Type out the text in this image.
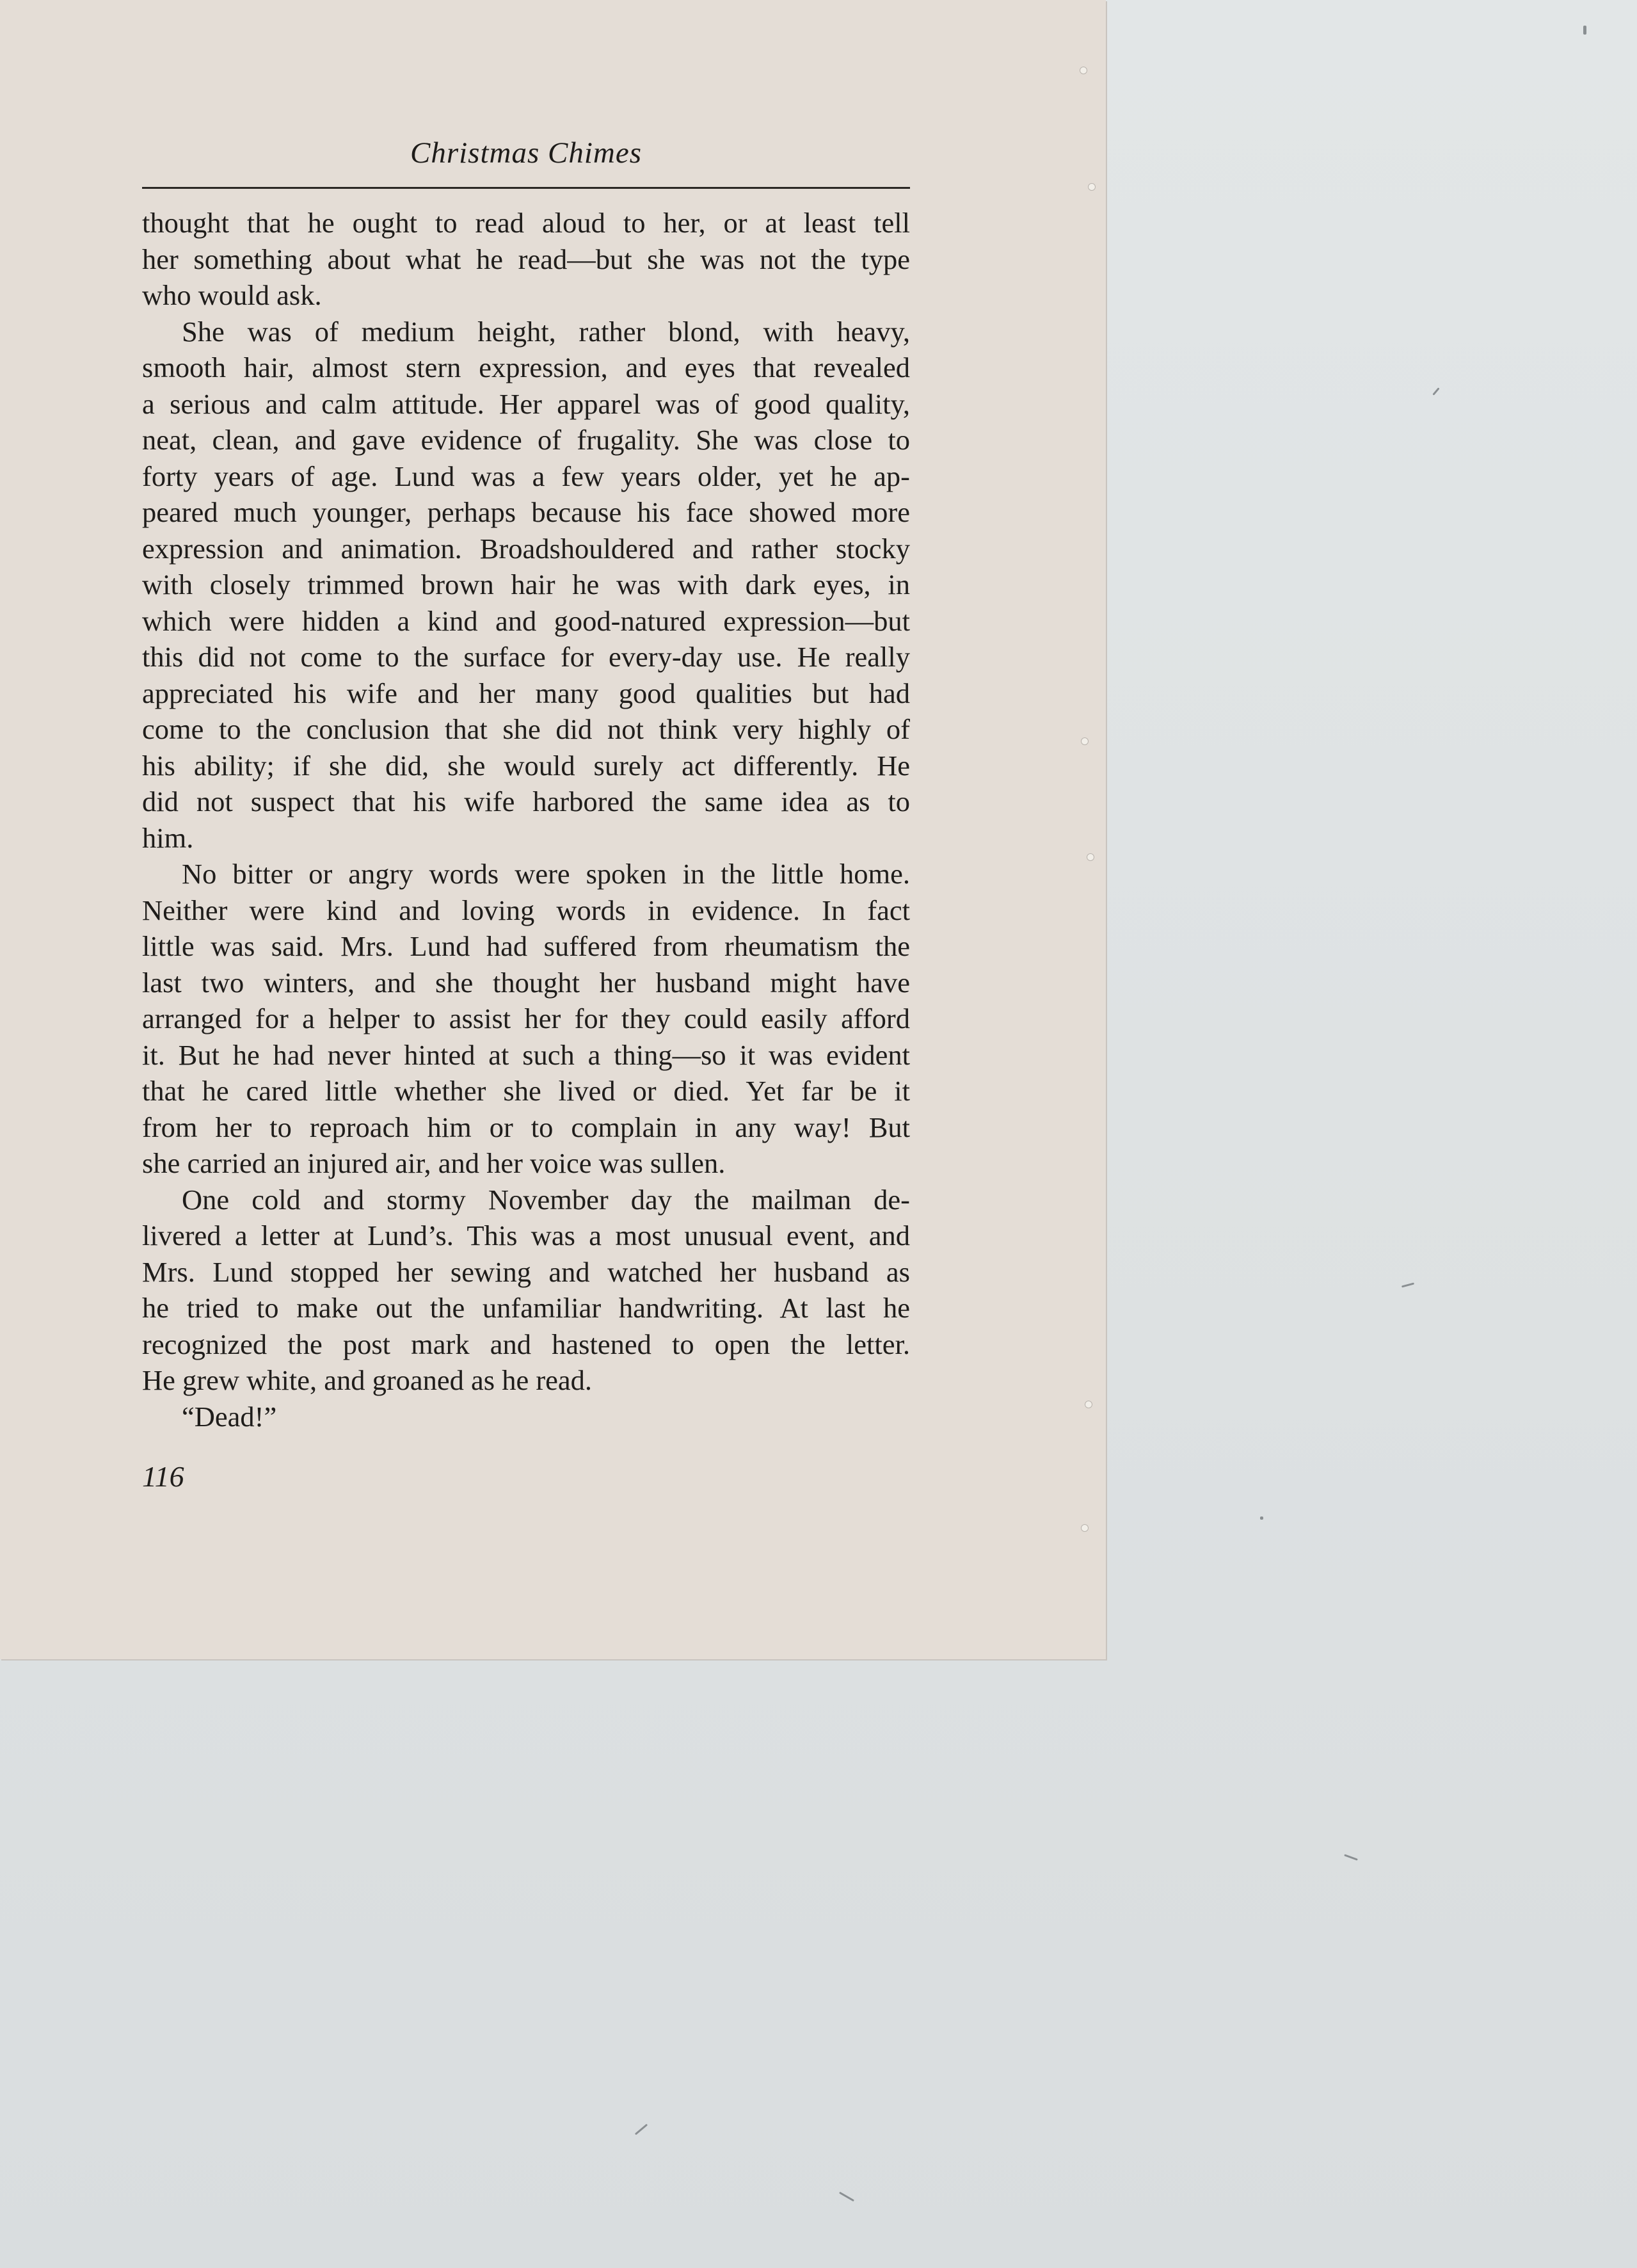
Christmas Chimes
thought that he ought to read aloud to her, or at least tell
her something about what he read—but she was not the type
who would ask.
She was of medium height, rather blond, with heavy,
smooth hair, almost stern expression, and eyes that revealed
a serious and calm attitude. Her apparel was of good quality,
neat, clean, and gave evidence of frugality. She was close to
forty years of age. Lund was a few years older, yet he ap-
peared much younger, perhaps because his face showed more
expression and animation. Broadshouldered and rather stocky
with closely trimmed brown hair he was with dark eyes, in
which were hidden a kind and good-natured expression—but
this did not come to the surface for every-day use. He really
appreciated his wife and her many good qualities but had
come to the conclusion that she did not think very highly of
his ability; if she did, she would surely act differently. He
did not suspect that his wife harbored the same idea as to
him.
No bitter or angry words were spoken in the little home.
Neither were kind and loving words in evidence. In fact
little was said. Mrs. Lund had suffered from rheumatism the
last two winters, and she thought her husband might have
arranged for a helper to assist her for they could easily afford
it. But he had never hinted at such a thing—so it was evident
that he cared little whether she lived or died. Yet far be it
from her to reproach him or to complain in any way! But
she carried an injured air, and her voice was sullen.
One cold and stormy November day the mailman de-
livered a letter at Lund’s. This was a most unusual event, and
Mrs. Lund stopped her sewing and watched her husband as
he tried to make out the unfamiliar handwriting. At last he
recognized the post mark and hastened to open the letter.
He grew white, and groaned as he read.
“Dead!”
116
